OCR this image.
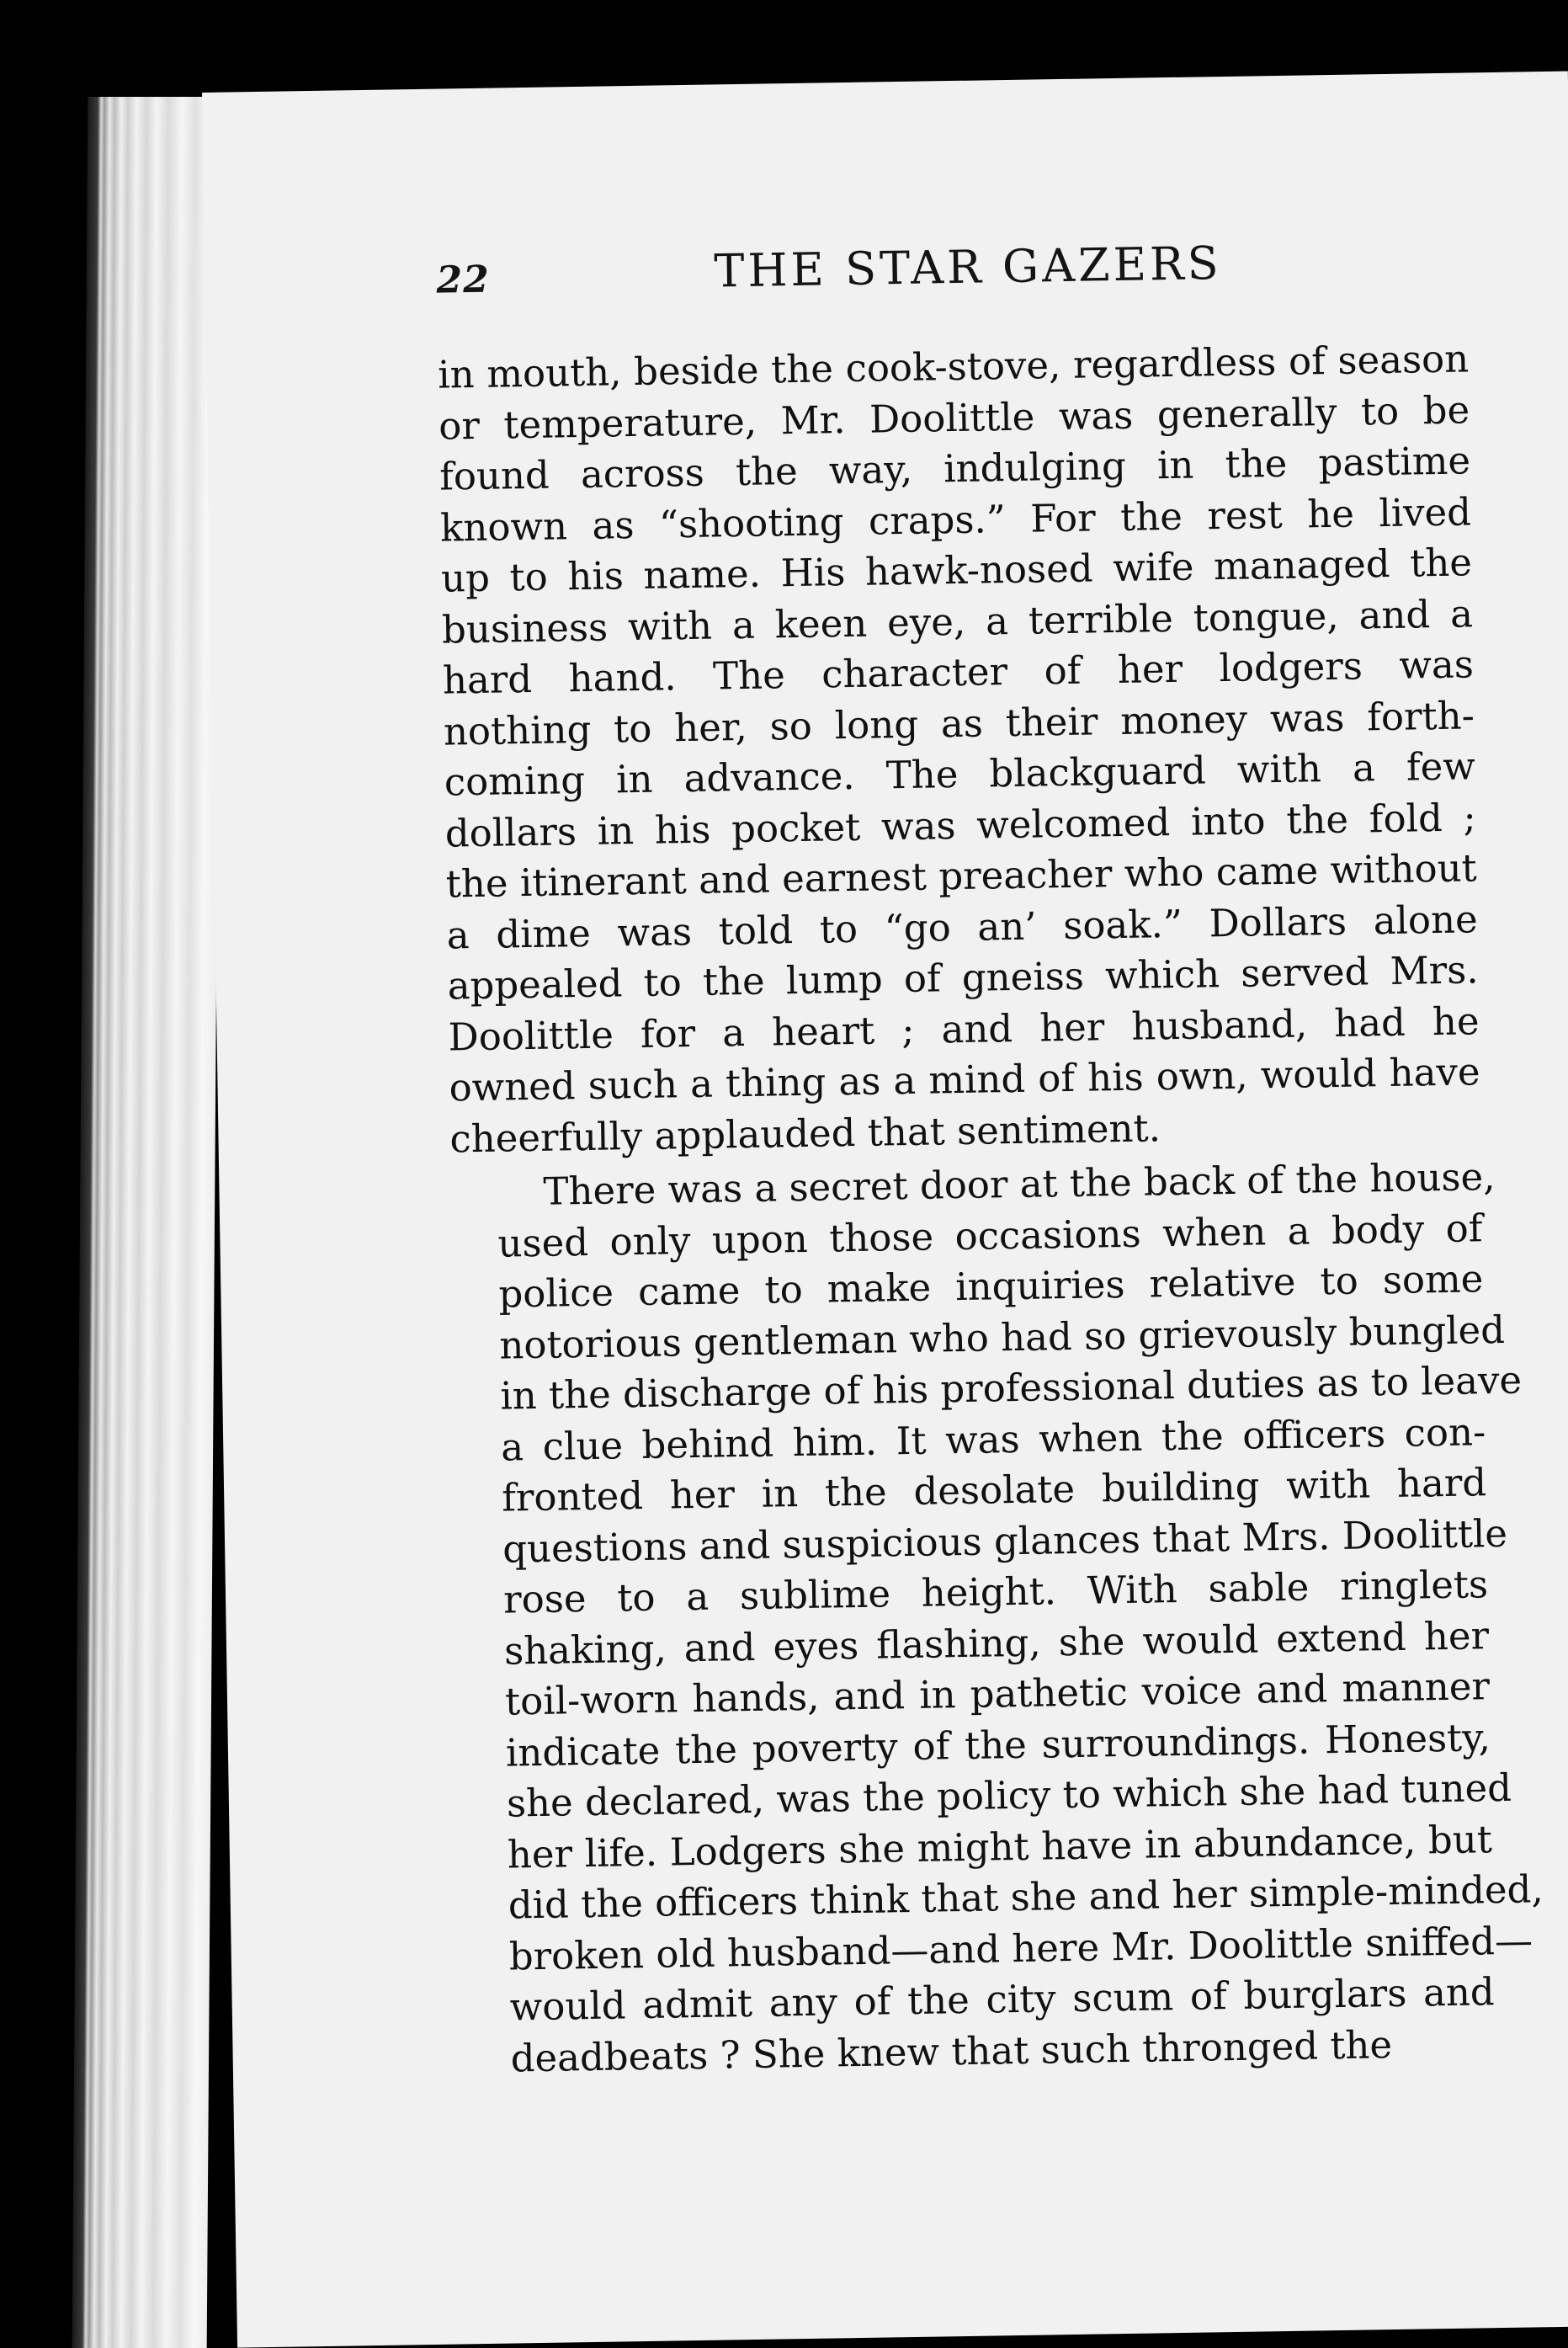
22	THE STAR GAZERS
in mouth, beside the cook-stove, regardless of season
or temperature, Mr. Doolittle was generally to be
found across the way, indulging in the pastime
known as “shooting craps.” For the rest he lived
up to his name. His hawk-nosed wife managed the
business with a keen eye, a terrible tongue, and a
hard hand. The character of her lodgers was
nothing to her, so long as their money was forth-
coming in advance. The blackguard with a few
dollars in his pocket was welcomed into the fold ;
the itinerant and earnest preacher who came without
a dime was told to “go an’ soak.” Dollars alone
appealed to the lump of gneiss which served Mrs.
Doolittle for a heart ; and her husband, had he
owned such a thing as a mind of his own, would have
cheerfully applauded that sentiment.
There was a secret door at the back of the house,
used only upon those occasions when a body of
police came to make inquiries relative to some
notorious gentleman who had so grievously bungled
in the discharge of his professional duties as to leave
a clue behind him. It was when the officers con-
fronted her in the desolate building with hard
questions and suspicious glances that Mrs. Doolittle
rose to a sublime height. With sable ringlets
shaking, and eyes flashing, she would extend her
toil-worn hands, and in pathetic voice and manner
indicate the poverty of the surroundings. Honesty,
she declared, was the policy to which she had tuned
her life. Lodgers she might have in abundance, but
did the officers think that she and her simple-minded,
broken old husband—and here Mr. Doolittle sniffed—
would admit any of the city scum of burglars and
deadbeats ? She knew that such thronged the
